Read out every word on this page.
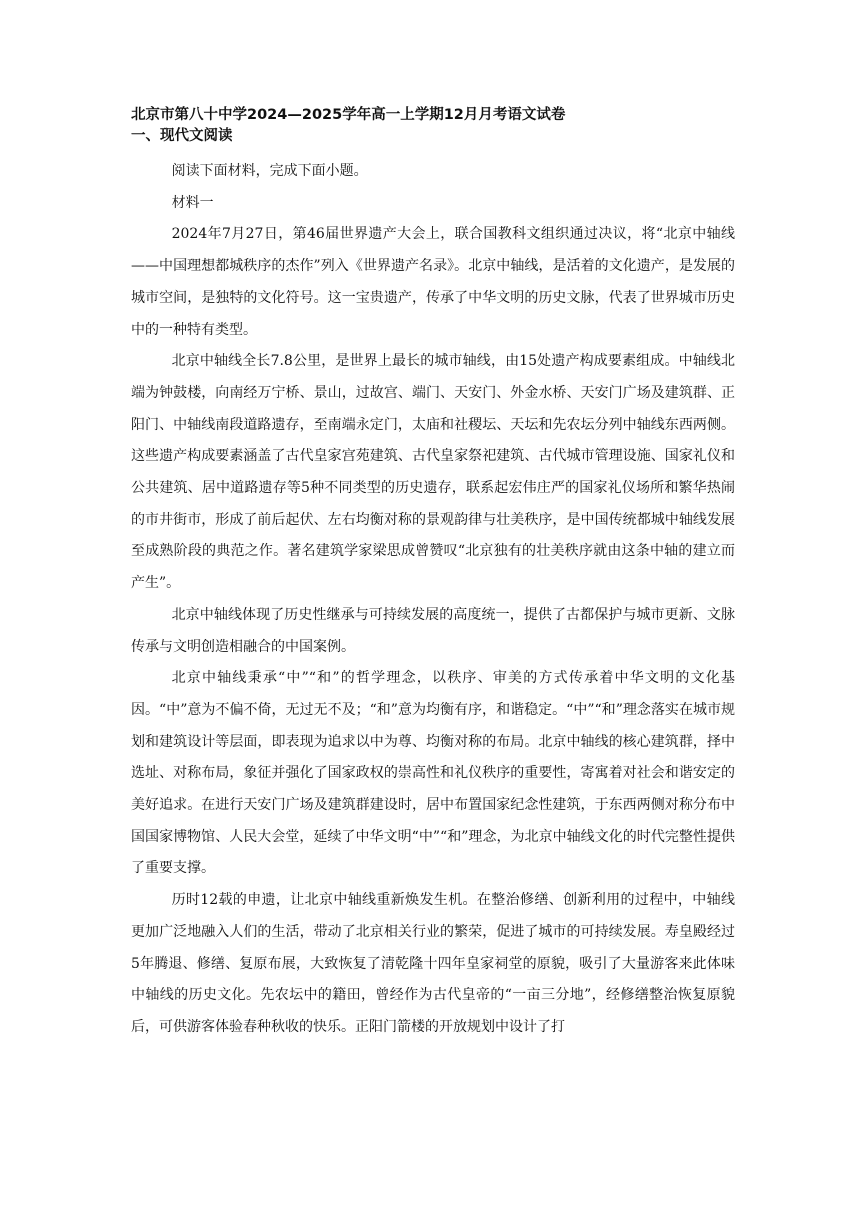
北京市第八十中学2024—2025学年高一上学期12月月考语文试卷
一、现代文阅读

阅读下面材料，完成下面小题。

材料一

2024年7月27日，第46届世界遗产大会上，联合国教科文组织通过决议，将“北京中轴线——中国理想都城秩序的杰作”列入《世界遗产名录》。北京中轴线，是活着的文化遗产，是发展的城市空间，是独特的文化符号。这一宝贵遗产，传承了中华文明的历史文脉，代表了世界城市历史中的一种特有类型。

北京中轴线全长7.8公里，是世界上最长的城市轴线，由15处遗产构成要素组成。中轴线北端为钟鼓楼，向南经万宁桥、景山，过故宫、端门、天安门、外金水桥、天安门广场及建筑群、正阳门、中轴线南段道路遗存，至南端永定门，太庙和社稷坛、天坛和先农坛分列中轴线东西两侧。这些遗产构成要素涵盖了古代皇家宫苑建筑、古代皇家祭祀建筑、古代城市管理设施、国家礼仪和公共建筑、居中道路遗存等5种不同类型的历史遗存，联系起宏伟庄严的国家礼仪场所和繁华热闹的市井街市，形成了前后起伏、左右均衡对称的景观韵律与壮美秩序，是中国传统都城中轴线发展至成熟阶段的典范之作。著名建筑学家梁思成曾赞叹“北京独有的壮美秩序就由这条中轴的建立而产生”。

北京中轴线体现了历史性继承与可持续发展的高度统一，提供了古都保护与城市更新、文脉传承与文明创造相融合的中国案例。

北京中轴线秉承“中”“和”的哲学理念，以秩序、审美的方式传承着中华文明的文化基因。“中”意为不偏不倚，无过无不及；“和”意为均衡有序，和谐稳定。“中”“和”理念落实在城市规划和建筑设计等层面，即表现为追求以中为尊、均衡对称的布局。北京中轴线的核心建筑群，择中选址、对称布局，象征并强化了国家政权的崇高性和礼仪秩序的重要性，寄寓着对社会和谐安定的美好追求。在进行天安门广场及建筑群建设时，居中布置国家纪念性建筑，于东西两侧对称分布中国国家博物馆、人民大会堂，延续了中华文明“中”“和”理念，为北京中轴线文化的时代完整性提供了重要支撑。

历时12载的申遗，让北京中轴线重新焕发生机。在整治修缮、创新利用的过程中，中轴线更加广泛地融入人们的生活，带动了北京相关行业的繁荣，促进了城市的可持续发展。寿皇殿经过5年腾退、修缮、复原布展，大致恢复了清乾隆十四年皇家祠堂的原貌，吸引了大量游客来此体味中轴线的历史文化。先农坛中的籍田，曾经作为古代皇帝的“一亩三分地”，经修缮整治恢复原貌后，可供游客体验春种秋收的快乐。正阳门箭楼的开放规划中设计了打
